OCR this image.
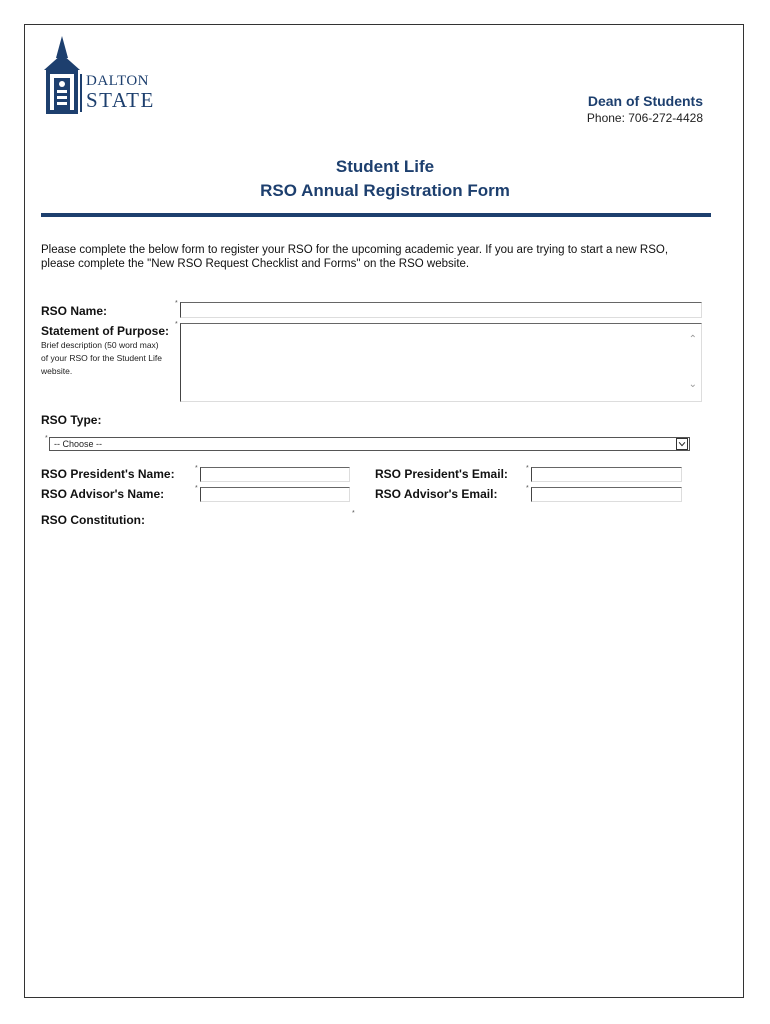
DALTON
STATE	Dean of Students
Phone: 706-272-4428
Student Life
RSO Annual Registration Form
Please complete the below form to register your RSO for the upcoming academic year. If you are trying to start a new RSO, please complete the "New RSO Request Checklist and Forms" on the RSO website.
RSO Name:
*
Statement of Purpose: *
Brief description (50 word max) of your RSO for the Student Life website.
⌃
⌄
RSO Type:
*
-- Choose --
RSO President's Name:	*	RSO President's Email:	*
RSO Advisor's Name:	*	RSO Advisor's Email:	*
RSO Constitution:	*
